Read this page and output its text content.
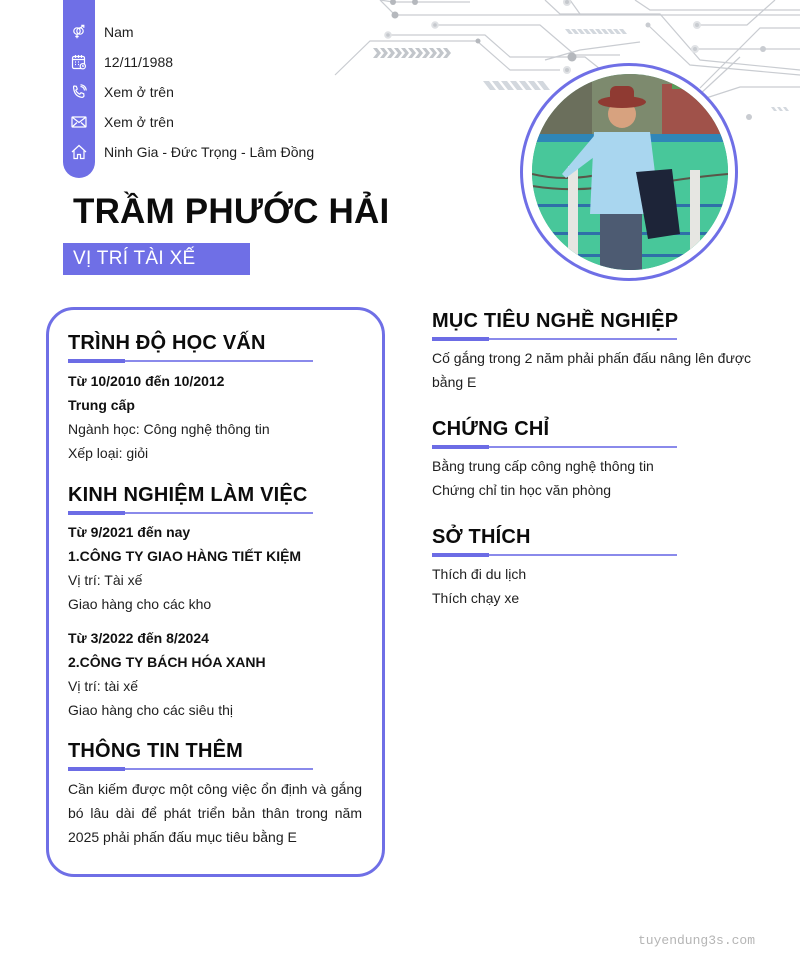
Nam
12/11/1988
Xem ở trên
Xem ở trên
Ninh Gia - Đức Trọng - Lâm Đồng
TRẦM PHƯỚC HẢI
VỊ TRÍ TÀI XẾ
TRÌNH ĐỘ HỌC VẤN
Từ 10/2010 đến 10/2012
Trung cấp
Ngành học: Công nghệ thông tin
Xếp loại: giỏi
KINH NGHIỆM LÀM VIỆC
Từ 9/2021 đến nay
1.CÔNG TY GIAO HÀNG TIẾT KIỆM
Vị trí: Tài xế
Giao hàng cho các kho
Từ 3/2022 đến 8/2024
2.CÔNG TY BÁCH HÓA XANH
Vị trí: tài xế
Giao hàng cho các siêu thị
THÔNG TIN THÊM
Cần kiếm được một công việc ổn định và gắng bó lâu dài để phát triển bản thân trong năm 2025 phải phấn đấu mục tiêu bằng E
MỤC TIÊU NGHỀ NGHIỆP
Cố gắng trong 2 năm phải phấn đấu nâng lên được bằng E
CHỨNG CHỈ
Bằng trung cấp công nghệ thông tin
Chứng chỉ tin học văn phòng
SỞ THÍCH
Thích đi du lịch
Thích chạy xe
tuyendung3s.com
